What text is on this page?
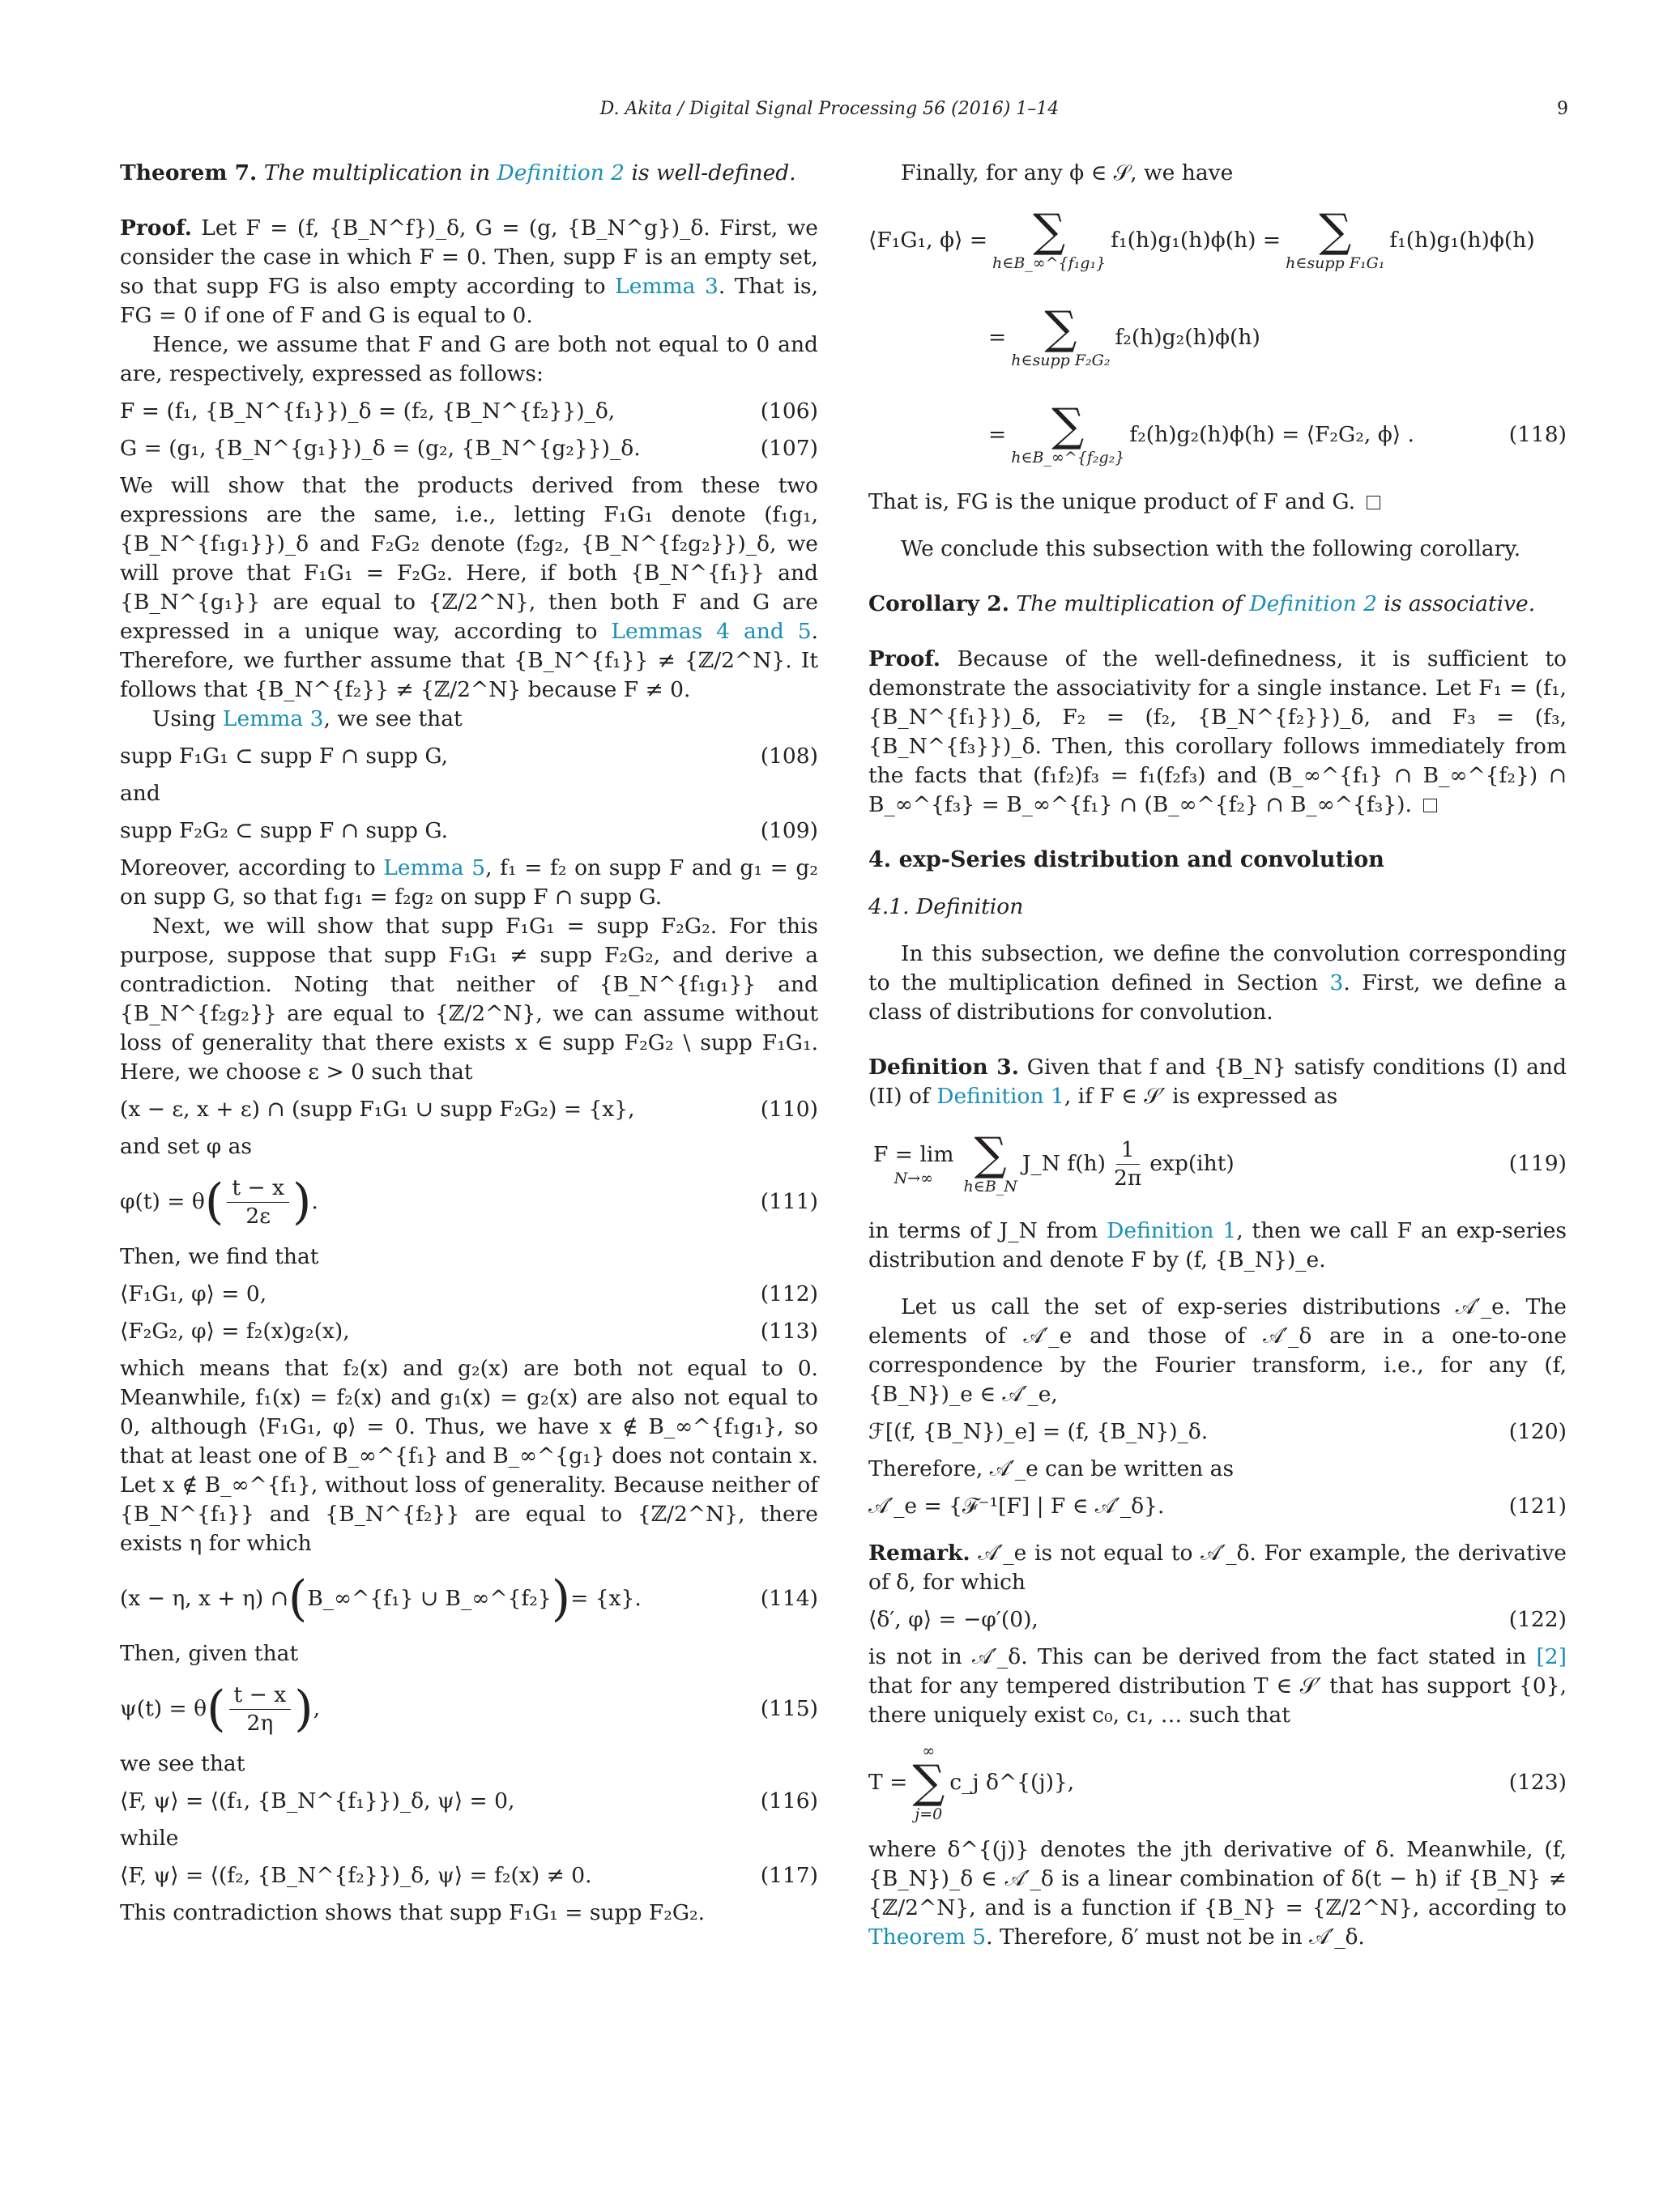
D. Akita / Digital Signal Processing 56 (2016) 1–14	9

Theorem 7. The multiplication in Definition 2 is well-defined.

Proof. Let F = (f, {B_N^f})_δ, G = (g, {B_N^g})_δ. First, we consider the case in which F = 0. Then, supp F is an empty set, so that supp FG is also empty according to Lemma 3. That is, FG = 0 if one of F and G is equal to 0.

Hence, we assume that F and G are both not equal to 0 and are, respectively, expressed as follows:

F = (f₁, {B_N^{f₁}})_δ = (f₂, {B_N^{f₂}})_δ,	(106)
G = (g₁, {B_N^{g₁}})_δ = (g₂, {B_N^{g₂}})_δ.	(107)

We will show that the products derived from these two expressions are the same, i.e., letting F₁G₁ denote (f₁g₁, {B_N^{f₁g₁}})_δ and F₂G₂ denote (f₂g₂, {B_N^{f₂g₂}})_δ, we will prove that F₁G₁ = F₂G₂. Here, if both {B_N^{f₁}} and {B_N^{g₁}} are equal to {ℤ/2^N}, then both F and G are expressed in a unique way, according to Lemmas 4 and 5. Therefore, we further assume that {B_N^{f₁}} ≠ {ℤ/2^N}. It follows that {B_N^{f₂}} ≠ {ℤ/2^N} because F ≠ 0.

Using Lemma 3, we see that

supp F₁G₁ ⊂ supp F ∩ supp G,	(108)

and

supp F₂G₂ ⊂ supp F ∩ supp G.	(109)

Moreover, according to Lemma 5, f₁ = f₂ on supp F and g₁ = g₂ on supp G, so that f₁g₁ = f₂g₂ on supp F ∩ supp G.

Next, we will show that supp F₁G₁ = supp F₂G₂. For this purpose, suppose that supp F₁G₁ ≠ supp F₂G₂, and derive a contradiction. Noting that neither of {B_N^{f₁g₁}} and {B_N^{f₂g₂}} are equal to {ℤ/2^N}, we can assume without loss of generality that there exists x ∈ supp F₂G₂ \ supp F₁G₁. Here, we choose ε > 0 such that

(x − ε, x + ε) ∩ (supp F₁G₁ ∪ supp F₂G₂) = {x},	(110)

and set φ as

φ(t) = θ ( $\frac{t - x}{2\varepsilon}$ ) .	(111)

Then, we find that

⟨F₁G₁, φ⟩ = 0,	(112)
⟨F₂G₂, φ⟩ = f₂(x)g₂(x),	(113)

which means that f₂(x) and g₂(x) are both not equal to 0. Meanwhile, f₁(x) = f₂(x) and g₁(x) = g₂(x) are also not equal to 0, although ⟨F₁G₁, φ⟩ = 0. Thus, we have x ∉ B_∞^{f₁g₁}, so that at least one of B_∞^{f₁} and B_∞^{g₁} does not contain x. Let x ∉ B_∞^{f₁}, without loss of generality. Because neither of {B_N^{f₁}} and {B_N^{f₂}} are equal to {ℤ/2^N}, there exists η for which

(x − η, x + η) ∩ ( B_∞^{f₁} ∪ B_∞^{f₂} ) = {x}.	(114)

Then, given that

ψ(t) = θ ( $\frac{t - x}{2\eta}$ ) ,	(115)

we see that

⟨F, ψ⟩ = ⟨(f₁, {B_N^{f₁}})_δ, ψ⟩ = 0,	(116)

while

⟨F, ψ⟩ = ⟨(f₂, {B_N^{f₂}})_δ, ψ⟩ = f₂(x) ≠ 0.	(117)

This contradiction shows that supp F₁G₁ = supp F₂G₂.

Finally, for any ϕ ∈ 𝒮, we have

⟨F₁G₁, ϕ⟩ = ∑
h∈B_∞^{f₁g₁}
f₁(h)g₁(h)ϕ(h) = ∑
h∈supp F₁G₁
f₁(h)g₁(h)ϕ(h)
= ∑
h∈supp F₂G₂
f₂(h)g₂(h)ϕ(h)
= ∑
h∈B_∞^{f₂g₂}
f₂(h)g₂(h)ϕ(h) = ⟨F₂G₂, ϕ⟩ .	(118)

That is, FG is the unique product of F and G.

We conclude this subsection with the following corollary.

Corollary 2. The multiplication of Definition 2 is associative.

Proof. Because of the well-definedness, it is sufficient to demonstrate the associativity for a single instance. Let F₁ = (f₁, {B_N^{f₁}})_δ, F₂ = (f₂, {B_N^{f₂}})_δ, and F₃ = (f₃, {B_N^{f₃}})_δ. Then, this corollary follows immediately from the facts that (f₁f₂)f₃ = f₁(f₂f₃) and (B_∞^{f₁} ∩ B_∞^{f₂}) ∩ B_∞^{f₃} = B_∞^{f₁} ∩ (B_∞^{f₂} ∩ B_∞^{f₃}).

4. exp-Series distribution and convolution

4.1. Definition

In this subsection, we define the convolution corresponding to the multiplication defined in Section 3. First, we define a class of distributions for convolution.

Definition 3. Given that f and {B_N} satisfy conditions (I) and (II) of Definition 1, if F ∈ 𝒮′ is expressed as

F = lim
N→∞ ∑
h∈B_N
J_N $f(h) \frac{1}{2\pi} \exp(iht)$	(119)

in terms of J_N from Definition 1, then we call F an exp-series distribution and denote F by (f, {B_N})_e.

Let us call the set of exp-series distributions 𝒜′_e. The elements of 𝒜′_e and those of 𝒜′_δ are in a one-to-one correspondence by the Fourier transform, i.e., for any (f, {B_N})_e ∈ 𝒜′_e,

ℱ[(f, {B_N})_e] = (f, {B_N})_δ.	(120)

Therefore, 𝒜′_e can be written as

𝒜′_e = {ℱ⁻¹[F] | F ∈ 𝒜′_δ}.	(121)

Remark. 𝒜′_e is not equal to 𝒜′_δ. For example, the derivative of δ, for which

⟨δ′, φ⟩ = −φ′(0),	(122)

is not in 𝒜′_δ. This can be derived from the fact stated in [2] that for any tempered distribution T ∈ 𝒮′ that has support {0}, there uniquely exist c₀, c₁, … such that

T =
∞
∑
j=0
c_j δ^{(j)},	(123)

where δ^{(j)} denotes the jth derivative of δ. Meanwhile, (f, {B_N})_δ ∈ 𝒜′_δ is a linear combination of δ(t − h) if {B_N} ≠ {ℤ/2^N}, and is a function if {B_N} = {ℤ/2^N}, according to Theorem 5. Therefore, δ′ must not be in 𝒜′_δ.
